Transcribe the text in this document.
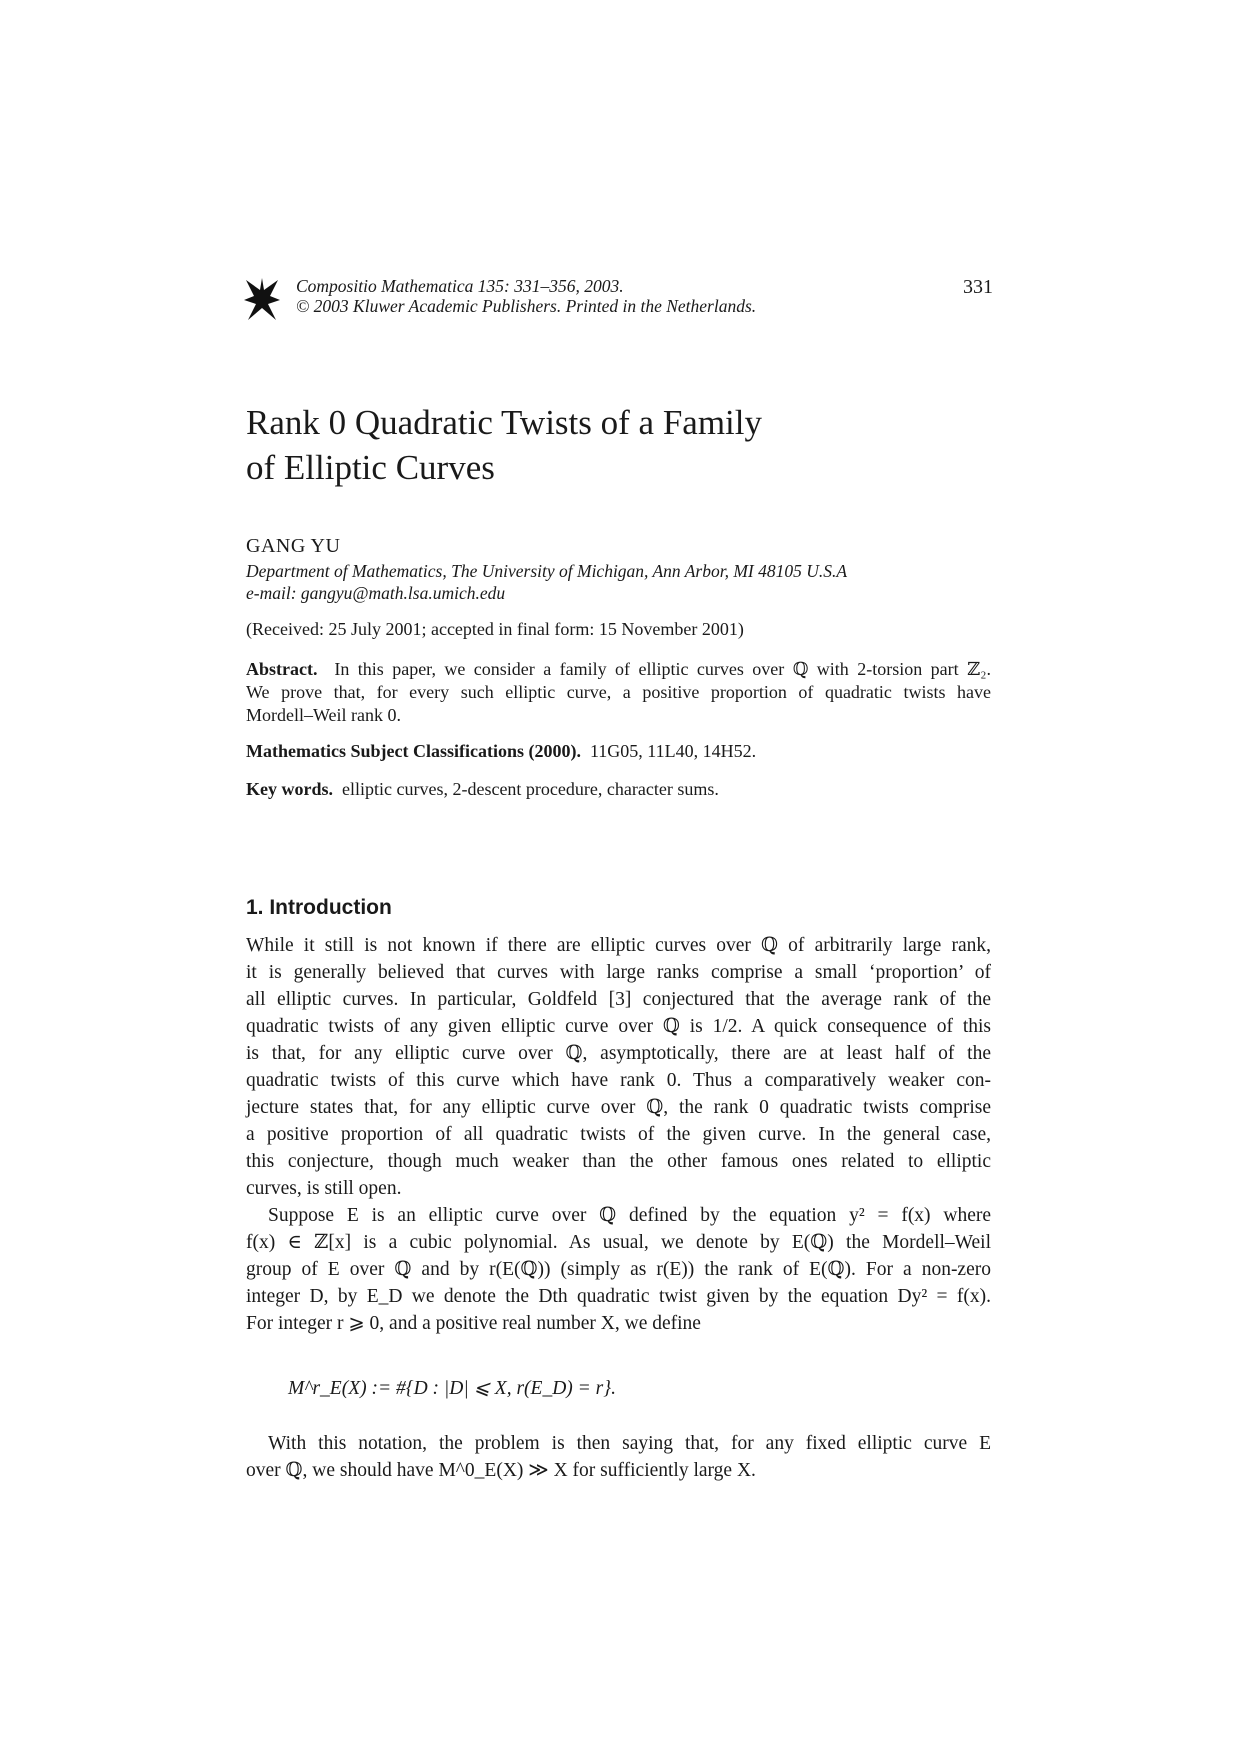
Compositio Mathematica 135: 331–356, 2003.
© 2003 Kluwer Academic Publishers. Printed in the Netherlands.
331
Rank 0 Quadratic Twists of a Family
of Elliptic Curves
GANG YU
Department of Mathematics, The University of Michigan, Ann Arbor, MI 48105 U.S.A
e-mail: gangyu@math.lsa.umich.edu
(Received: 25 July 2001; accepted in final form: 15 November 2001)
Abstract. In this paper, we consider a family of elliptic curves over ℚ with 2-torsion part ℤ₂.
We prove that, for every such elliptic curve, a positive proportion of quadratic twists have
Mordell–Weil rank 0.
Mathematics Subject Classifications (2000). 11G05, 11L40, 14H52.
Key words. elliptic curves, 2-descent procedure, character sums.
1. Introduction
While it still is not known if there are elliptic curves over ℚ of arbitrarily large rank,
it is generally believed that curves with large ranks comprise a small ‘proportion’ of
all elliptic curves. In particular, Goldfeld [3] conjectured that the average rank of the
quadratic twists of any given elliptic curve over ℚ is 1/2. A quick consequence of this
is that, for any elliptic curve over ℚ, asymptotically, there are at least half of the
quadratic twists of this curve which have rank 0. Thus a comparatively weaker con-
jecture states that, for any elliptic curve over ℚ, the rank 0 quadratic twists comprise
a positive proportion of all quadratic twists of the given curve. In the general case,
this conjecture, though much weaker than the other famous ones related to elliptic
curves, is still open.
Suppose E is an elliptic curve over ℚ defined by the equation y² = f(x) where
f(x) ∈ ℤ[x] is a cubic polynomial. As usual, we denote by E(ℚ) the Mordell–Weil
group of E over ℚ and by r(E(ℚ)) (simply as r(E)) the rank of E(ℚ). For a non-zero
integer D, by E_D we denote the Dth quadratic twist given by the equation Dy² = f(x).
For integer r ⩾ 0, and a positive real number X, we define
M^r_E(X) := #{D : |D| ⩽ X, r(E_D) = r}.
With this notation, the problem is then saying that, for any fixed elliptic curve E
over ℚ, we should have M^0_E(X) ≫ X for sufficiently large X.
